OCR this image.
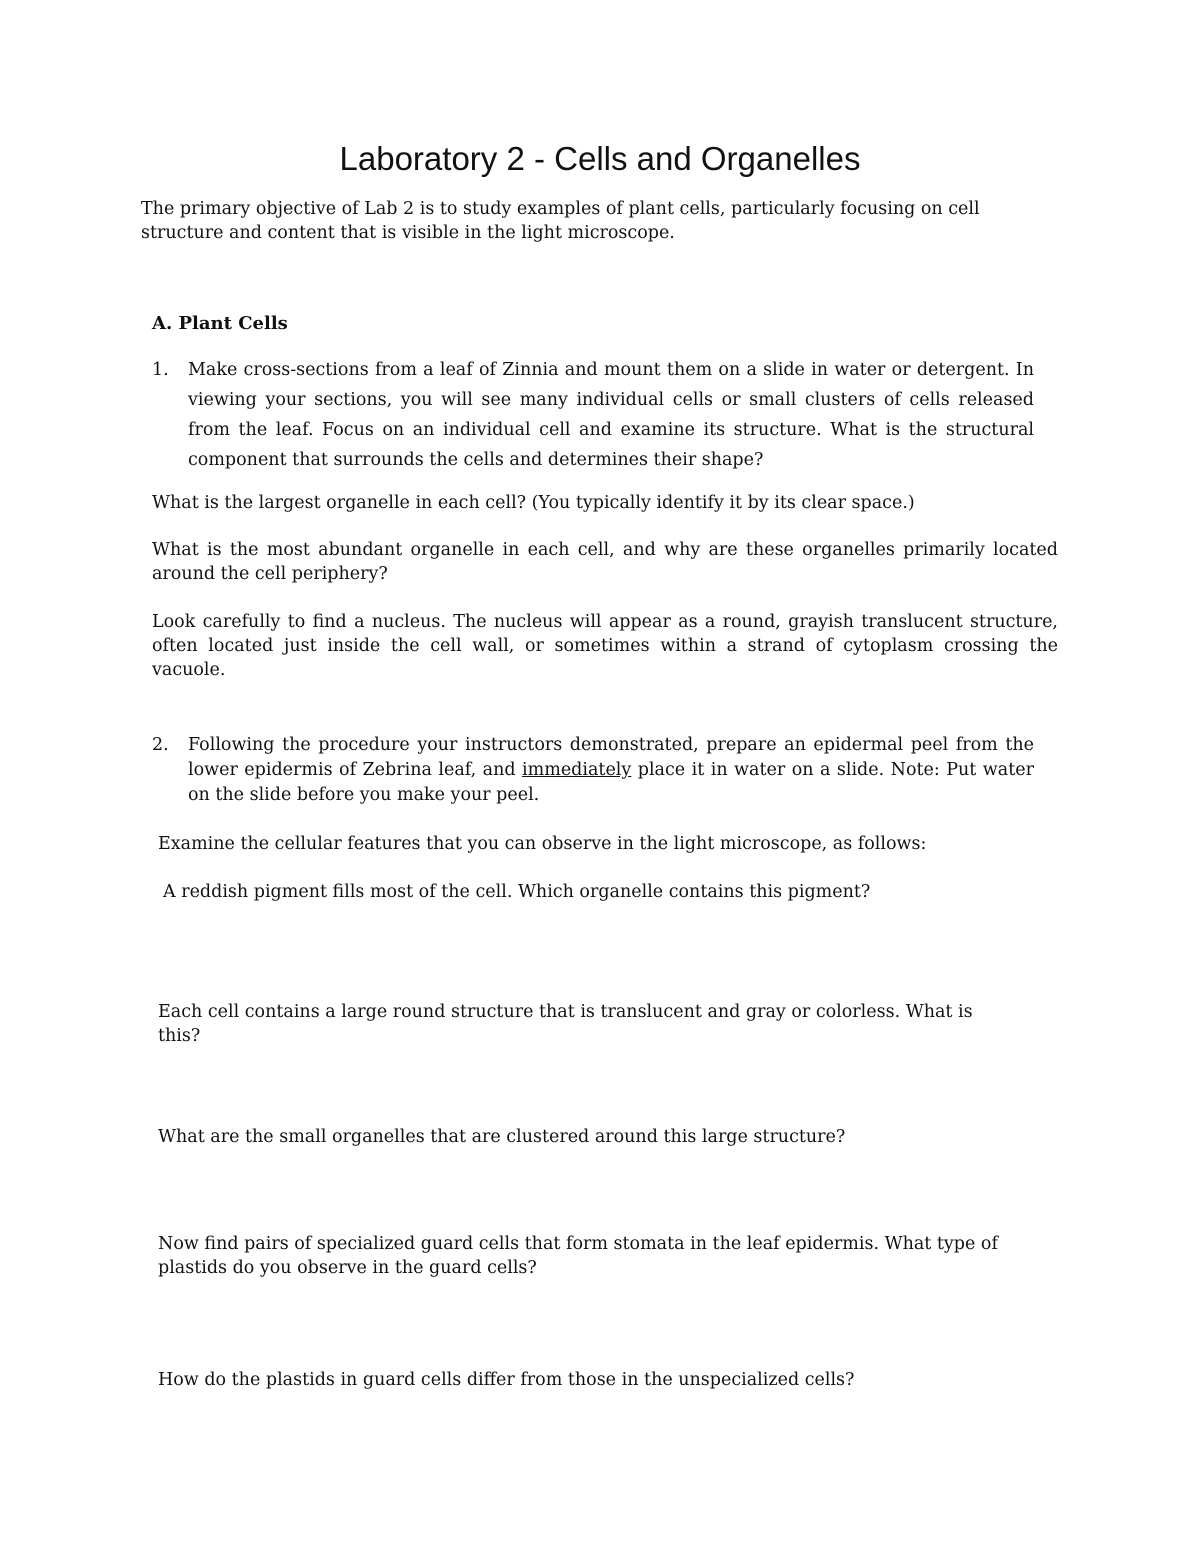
Laboratory 2 - Cells and Organelles

The primary objective of Lab 2 is to study examples of plant cells, particularly focusing on cell structure and content that is visible in the light microscope.

A. Plant Cells
1. Make cross-sections from a leaf of Zinnia and mount them on a slide in water or detergent. In viewing your sections, you will see many individual cells or small clusters of cells released from the leaf. Focus on an individual cell and examine its structure. What is the structural component that surrounds the cells and determines their shape?

What is the largest organelle in each cell? (You typically identify it by its clear space.)

What is the most abundant organelle in each cell, and why are these organelles primarily located around the cell periphery?

Look carefully to find a nucleus. The nucleus will appear as a round, grayish translucent structure, often located just inside the cell wall, or sometimes within a strand of cytoplasm crossing the vacuole.

2. Following the procedure your instructors demonstrated, prepare an epidermal peel from the lower epidermis of Zebrina leaf, and immediately place it in water on a slide. Note: Put water on the slide before you make your peel.

Examine the cellular features that you can observe in the light microscope, as follows:

A reddish pigment fills most of the cell. Which organelle contains this pigment?

Each cell contains a large round structure that is translucent and gray or colorless. What is this?

What are the small organelles that are clustered around this large structure?

Now find pairs of specialized guard cells that form stomata in the leaf epidermis. What type of plastids do you observe in the guard cells?

How do the plastids in guard cells differ from those in the unspecialized cells?
